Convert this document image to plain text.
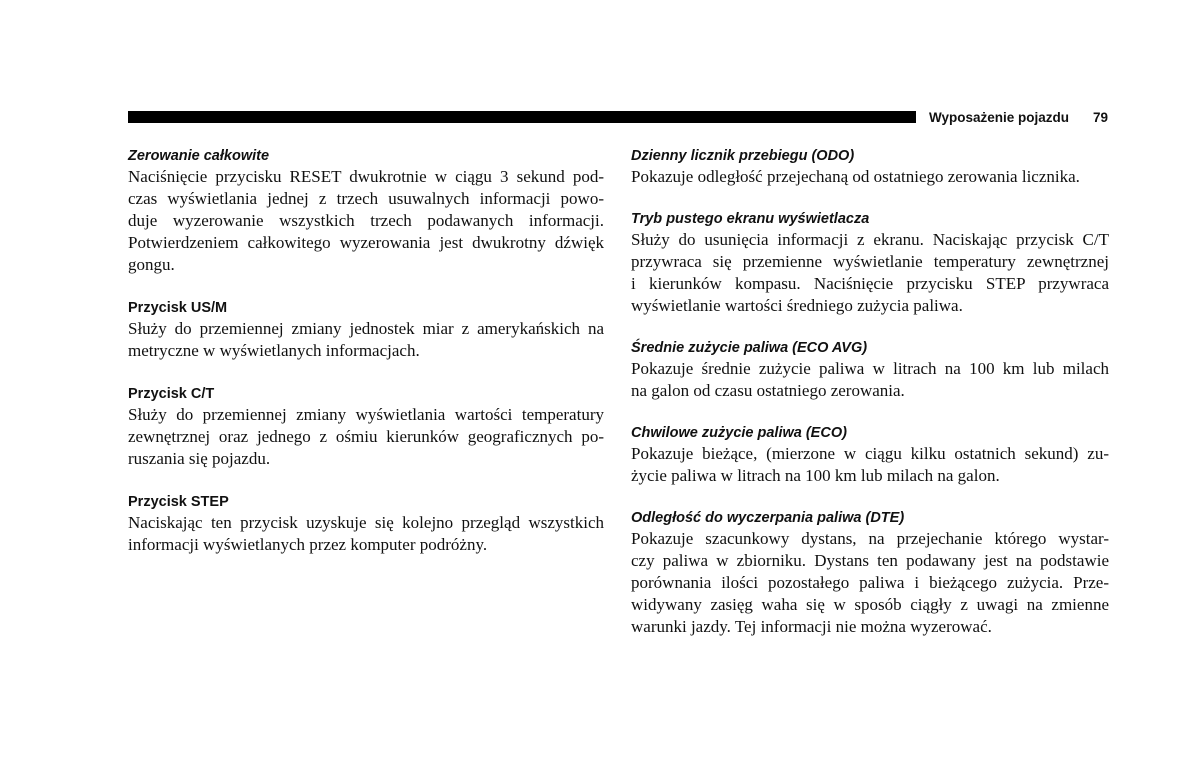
Wyposażenie pojazdu 79
Zerowanie całkowite
Naciśnięcie przycisku RESET dwukrotnie w ciągu 3 sekund pod-
czas wyświetlania jednej z trzech usuwalnych informacji powo-
duje wyzerowanie wszystkich trzech podawanych informacji.
Potwierdzeniem całkowitego wyzerowania jest dwukrotny dźwięk
gongu.
Przycisk US/M
Służy do przemiennej zmiany jednostek miar z amerykańskich na
metryczne w wyświetlanych informacjach.
Przycisk C/T
Służy do przemiennej zmiany wyświetlania wartości temperatury
zewnętrznej oraz jednego z ośmiu kierunków geograficznych po-
ruszania się pojazdu.
Przycisk STEP
Naciskając ten przycisk uzyskuje się kolejno przegląd wszystkich
informacji wyświetlanych przez komputer podróżny.
Dzienny licznik przebiegu (ODO)
Pokazuje odległość przejechaną od ostatniego zerowania licznika.
Tryb pustego ekranu wyświetlacza
Służy do usunięcia informacji z ekranu. Naciskając przycisk C/T
przywraca się przemienne wyświetlanie temperatury zewnętrznej
i kierunków kompasu. Naciśnięcie przycisku STEP przywraca
wyświetlanie wartości średniego zużycia paliwa.
Średnie zużycie paliwa (ECO AVG)
Pokazuje średnie zużycie paliwa w litrach na 100 km lub milach
na galon od czasu ostatniego zerowania.
Chwilowe zużycie paliwa (ECO)
Pokazuje bieżące, (mierzone w ciągu kilku ostatnich sekund) zu-
życie paliwa w litrach na 100 km lub milach na galon.
Odległość do wyczerpania paliwa (DTE)
Pokazuje szacunkowy dystans, na przejechanie którego wystar-
czy paliwa w zbiorniku. Dystans ten podawany jest na podstawie
porównania ilości pozostałego paliwa i bieżącego zużycia. Prze-
widywany zasięg waha się w sposób ciągły z uwagi na zmienne
warunki jazdy. Tej informacji nie można wyzerować.
